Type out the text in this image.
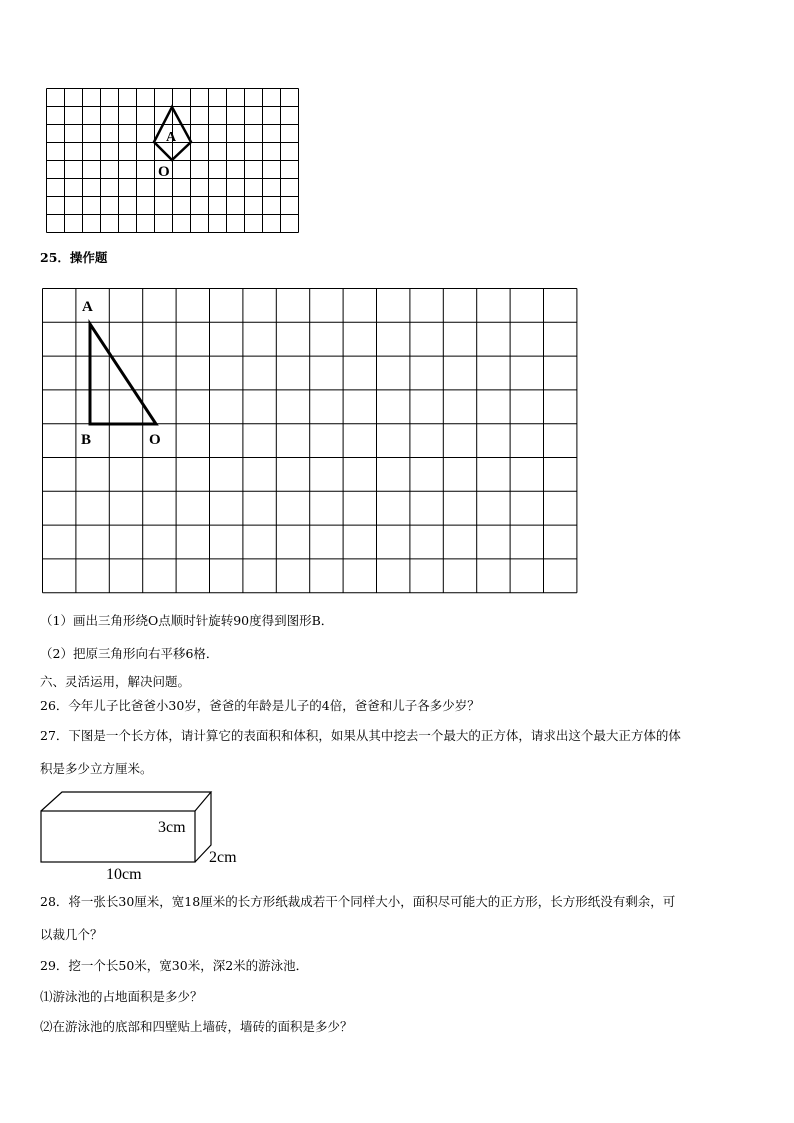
A
O
25．操作题
A
B	O
（1）画出三角形绕O点顺时针旋转90度得到图形B．
（2）把原三角形向右平移6格．
六、灵活运用，解决问题。
26．今年儿子比爸爸小30岁，爸爸的年龄是儿子的4倍，爸爸和儿子各多少岁？
27．下图是一个长方体，请计算它的表面积和体积，如果从其中挖去一个最大的正方体，请求出这个最大正方体的体
积是多少立方厘米。
3cm
2cm
10cm
28．将一张长30厘米，宽18厘米的长方形纸裁成若干个同样大小，面积尽可能大的正方形，长方形纸没有剩余，可
以裁几个？
29．挖一个长50米，宽30米，深2米的游泳池．
⑴游泳池的占地面积是多少？
⑵在游泳池的底部和四壁贴上墙砖，墙砖的面积是多少？
